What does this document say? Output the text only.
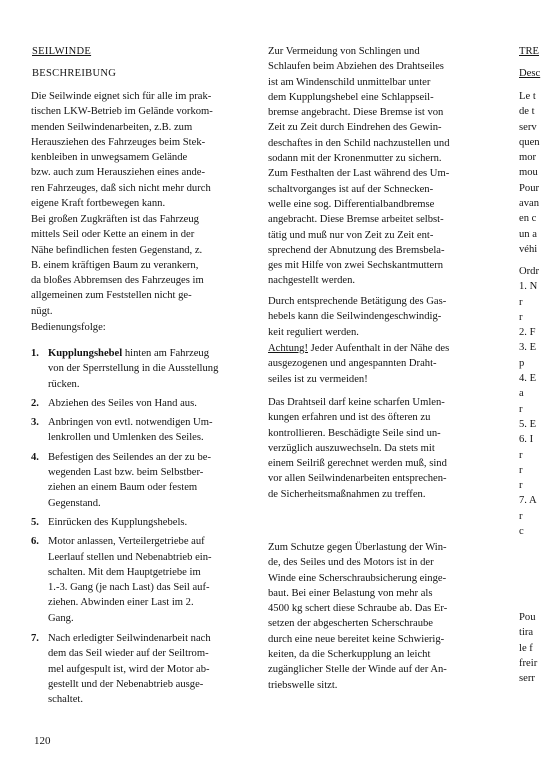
SEILWINDE
BESCHREIBUNG

Die Seilwinde eignet sich für alle im prak-
tischen LKW-Betrieb im Gelände vorkom-
menden Seilwindenarbeiten, z.B. zum
Herausziehen des Fahrzeuges beim Stek-
kenbleiben in unwegsamem Gelände
bzw. auch zum Herausziehen eines ande-
ren Fahrzeuges, daß sich nicht mehr durch
eigene Kraft fortbewegen kann.

Bei großen Zugkräften ist das Fahrzeug
mittels Seil oder Kette an einem in der
Nähe befindlichen festen Gegenstand, z.
B. einem kräftigen Baum zu verankern,
da bloßes Abbremsen des Fahrzeuges im
allgemeinen zum Feststellen nicht ge-
nügt.

Bedienungsfolge:

1. Kupplungshebel hinten am Fahrzeug
von der Sperrstellung in die Ausstellung
rücken.
2. Abziehen des Seiles von Hand aus.
3. Anbringen von evtl. notwendigen Um-
lenkrollen und Umlenken des Seiles.
4. Befestigen des Seilendes an der zu be-
wegenden Last bzw. beim Selbstber-
ziehen an einem Baum oder festem
Gegenstand.
5. Einrücken des Kupplungshebels.
6. Motor anlassen, Verteilergetriebe auf
Leerlauf stellen und Nebenabtrieb ein-
schalten. Mit dem Hauptgetriebe im
1.-3. Gang (je nach Last) das Seil auf-
ziehen. Abwinden einer Last im 2.
Gang.
7. Nach erledigter Seilwindenarbeit nach
dem das Seil wieder auf der Seiltrom-
mel aufgespult ist, wird der Motor ab-
gestellt und der Nebenabtrieb ausge-
schaltet.

Zur Vermeidung von Schlingen und
Schlaufen beim Abziehen des Drahtseiles
ist am Windenschild unmittelbar unter
dem Kupplungshebel eine Schlappseil-
bremse angebracht. Diese Bremse ist von
Zeit zu Zeit durch Eindrehen des Gewin-
deschaftes in den Schild nachzustellen und
sodann mit der Kronenmutter zu sichern.
Zum Festhalten der Last während des Um-
schaltvorganges ist auf der Schnecken-
welle eine sog. Differentialbandbremse
angebracht. Diese Bremse arbeitet selbst-
tätig und muß nur von Zeit zu Zeit ent-
sprechend der Abnutzung des Bremsbela-
ges mit Hilfe von zwei Sechskantmuttern
nachgestellt werden.

Durch entsprechende Betätigung des Gas-
hebels kann die Seilwindengeschwindig-
keit reguliert werden.

Achtung! Jeder Aufenthalt in der Nähe des
ausgezogenen und angespannten Draht-
seiles ist zu vermeiden!

Das Drahtseil darf keine scharfen Umlen-
kungen erfahren und ist des öfteren zu
kontrollieren. Beschädigte Seile sind un-
verzüglich auszuwechseln. Da stets mit
einem Seilriß gerechnet werden muß, sind
vor allen Seilwindenarbeiten entsprechen-
de Sicherheitsmaßnahmen zu treffen.

Zum Schutze gegen Überlastung der Win-
de, des Seiles und des Motors ist in der
Winde eine Scherschraubsicherung einge-
baut. Bei einer Belastung von mehr als
4500 kg schert diese Schraube ab. Das Er-
setzen der abgescherten Scherschraube
durch eine neue bereitet keine Schwierig-
keiten, da die Scherkupplung an leicht
zugänglicher Stelle der Winde auf der An-
triebswelle sitzt.

TRE
Desc
Le t
de t
serv
quen
mor
mou
Pour
avan
en c
un a
véhi
Ordr
1. N
r
r
2. F
3. E
p
4. E
a
r
5. E
6. I
r
r
r
7. A
r
c
Pou
tira
le f
freir
serr
120
